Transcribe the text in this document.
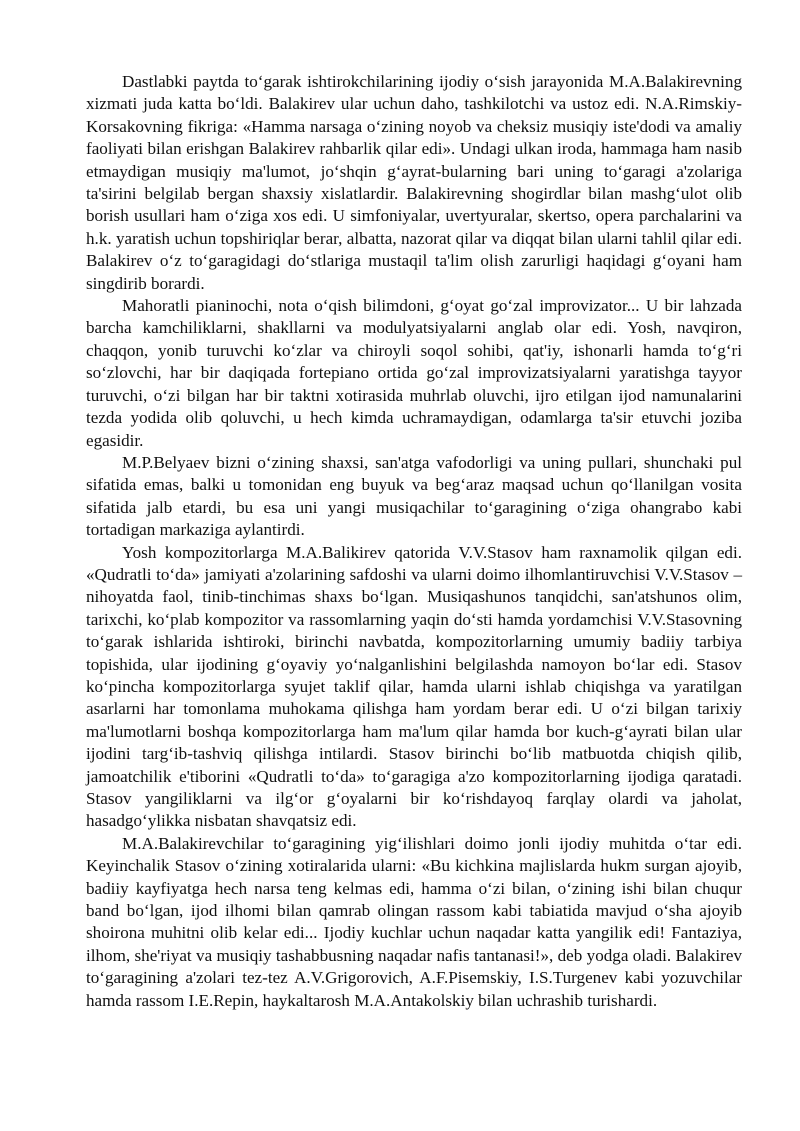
Dastlabki paytda toʻgarak ishtirokchilarining ijodiy oʻsish jarayonida M.A.Balakirevning xizmati juda katta boʻldi. Balakirev ular uchun daho, tashkilotchi va ustoz edi. N.A.Rimskiy-Korsakovning fikriga: «Hamma narsaga oʻzining noyob va cheksiz musiqiy iste'dodi va amaliy faoliyati bilan erishgan Balakirev rahbarlik qilar edi». Undagi ulkan iroda, hammaga ham nasib etmaydigan musiqiy ma'lumot, joʻshqin gʻayrat-bularning bari uning toʻgaragi a'zolariga ta'sirini belgilab bergan shaxsiy xislatlardir. Balakirevning shogirdlar bilan mashgʻulot olib borish usullari ham oʻziga xos edi. U simfoniyalar, uvertyuralar, skertso, opera parchalarini va h.k. yaratish uchun topshiriqlar berar, albatta, nazorat qilar va diqqat bilan ularni tahlil qilar edi. Balakirev oʻz toʻgaragidagi doʻstlariga mustaqil ta'lim olish zarurligi haqidagi gʻoyani ham singdirib borardi.

Mahoratli pianinochi, nota oʻqish bilimdoni, gʻoyat goʻzal improvizator... U bir lahzada barcha kamchiliklarni, shakllarni va modulyatsiyalarni anglab olar edi. Yosh, navqiron, chaqqon, yonib turuvchi koʻzlar va chiroyli soqol sohibi, qat'iy, ishonarli hamda toʻgʻri soʻzlovchi, har bir daqiqada fortepiano ortida goʻzal improvizatsiyalarni yaratishga tayyor turuvchi, oʻzi bilgan har bir taktni xotirasida muhrlab oluvchi, ijro etilgan ijod namunalarini tezda yodida olib qoluvchi, u hech kimda uchramaydigan, odamlarga ta'sir etuvchi joziba egasidir.

M.P.Belyaev bizni oʻzining shaxsi, san'atga vafodorligi va uning pullari, shunchaki pul sifatida emas, balki u tomonidan eng buyuk va begʻaraz maqsad uchun qoʻllanilgan vosita sifatida jalb etardi, bu esa uni yangi musiqachilar toʻgaragining oʻziga ohangrabo kabi tortadigan markaziga aylantirdi.

Yosh kompozitorlarga M.A.Balikirev qatorida V.V.Stasov ham raxnamolik qilgan edi. «Qudratli toʻda» jamiyati a'zolarining safdoshi va ularni doimo ilhomlantiruvchisi V.V.Stasov – nihoyatda faol, tinib-tinchimas shaxs boʻlgan. Musiqashunos tanqidchi, san'atshunos olim, tarixchi, koʻplab kompozitor va rassomlarning yaqin doʻsti hamda yordamchisi V.V.Stasovning toʻgarak ishlarida ishtiroki, birinchi navbatda, kompozitorlarning umumiy badiiy tarbiya topishida, ular ijodining gʻoyaviy yoʻnalganlishini belgilashda namoyon boʻlar edi. Stasov koʻpincha kompozitorlarga syujet taklif qilar, hamda ularni ishlab chiqishga va yaratilgan asarlarni har tomonlama muhokama qilishga ham yordam berar edi. U oʻzi bilgan tarixiy ma'lumotlarni boshqa kompozitorlarga ham ma'lum qilar hamda bor kuch-gʻayrati bilan ular ijodini targʻib-tashviq qilishga intilardi. Stasov birinchi boʻlib matbuotda chiqish qilib, jamoatchilik e'tiborini «Qudratli toʻda» toʻgaragiga a'zo kompozitorlarning ijodiga qaratadi. Stasov yangiliklarni va ilgʻor gʻoyalarni bir koʻrishdayoq farqlay olardi va jaholat, hasadgoʻylikka nisbatan shavqatsiz edi.

M.A.Balakirevchilar toʻgaragining yigʻilishlari doimo jonli ijodiy muhitda oʻtar edi. Keyinchalik Stasov oʻzining xotiralarida ularni: «Bu kichkina majlislarda hukm surgan ajoyib, badiiy kayfiyatga hech narsa teng kelmas edi, hamma oʻzi bilan, oʻzining ishi bilan chuqur band boʻlgan, ijod ilhomi bilan qamrab olingan rassom kabi tabiatida mavjud oʻsha ajoyib shoirona muhitni olib kelar edi... Ijodiy kuchlar uchun naqadar katta yangilik edi! Fantaziya, ilhom, she'riyat va musiqiy tashabbusning naqadar nafis tantanasi!», deb yodga oladi. Balakirev toʻgaragining a'zolari tez-tez A.V.Grigorovich, A.F.Pisemskiy, I.S.Turgenev kabi yozuvchilar hamda rassom I.E.Repin, haykaltarosh M.A.Antakolskiy bilan uchrashib turishardi.
